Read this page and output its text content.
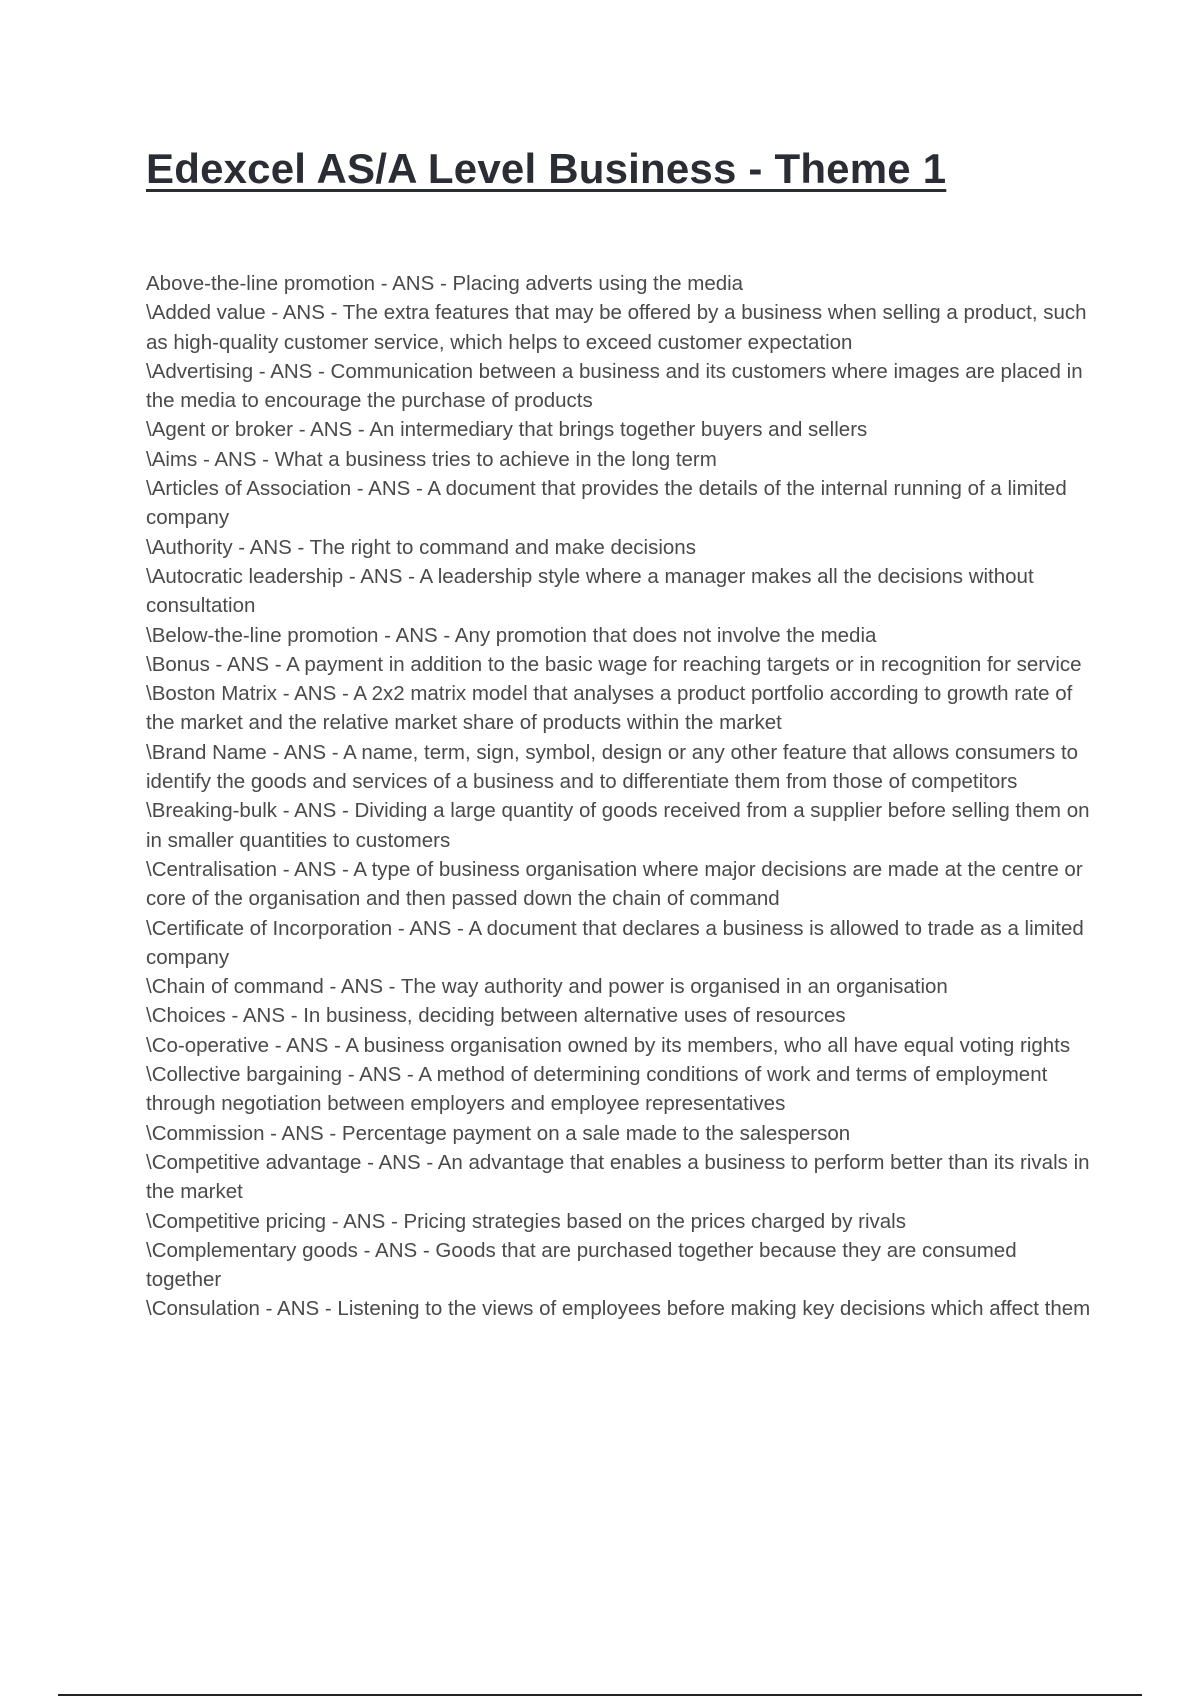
Edexcel AS/A Level Business - Theme 1

Above-the-line promotion - ANS - Placing adverts using the media

\Added value - ANS - The extra features that may be offered by a business when selling a product, such as high-quality customer service, which helps to exceed customer expectation

\Advertising - ANS - Communication between a business and its customers where images are placed in the media to encourage the purchase of products

\Agent or broker - ANS - An intermediary that brings together buyers and sellers

\Aims - ANS - What a business tries to achieve in the long term

\Articles of Association - ANS - A document that provides the details of the internal running of a limited company

\Authority - ANS - The right to command and make decisions

\Autocratic leadership - ANS - A leadership style where a manager makes all the decisions without consultation

\Below-the-line promotion - ANS - Any promotion that does not involve the media

\Bonus - ANS - A payment in addition to the basic wage for reaching targets or in recognition for service

\Boston Matrix - ANS - A 2x2 matrix model that analyses a product portfolio according to growth rate of the market and the relative market share of products within the market

\Brand Name - ANS - A name, term, sign, symbol, design or any other feature that allows consumers to identify the goods and services of a business and to differentiate them from those of competitors

\Breaking-bulk - ANS - Dividing a large quantity of goods received from a supplier before selling them on in smaller quantities to customers

\Centralisation - ANS - A type of business organisation where major decisions are made at the centre or core of the organisation and then passed down the chain of command

\Certificate of Incorporation - ANS - A document that declares a business is allowed to trade as a limited company

\Chain of command - ANS - The way authority and power is organised in an organisation

\Choices - ANS - In business, deciding between alternative uses of resources

\Co-operative - ANS - A business organisation owned by its members, who all have equal voting rights

\Collective bargaining - ANS - A method of determining conditions of work and terms of employment through negotiation between employers and employee representatives

\Commission - ANS - Percentage payment on a sale made to the salesperson

\Competitive advantage - ANS - An advantage that enables a business to perform better than its rivals in the market

\Competitive pricing - ANS - Pricing strategies based on the prices charged by rivals

\Complementary goods - ANS - Goods that are purchased together because they are consumed together

\Consulation - ANS - Listening to the views of employees before making key decisions which affect them
